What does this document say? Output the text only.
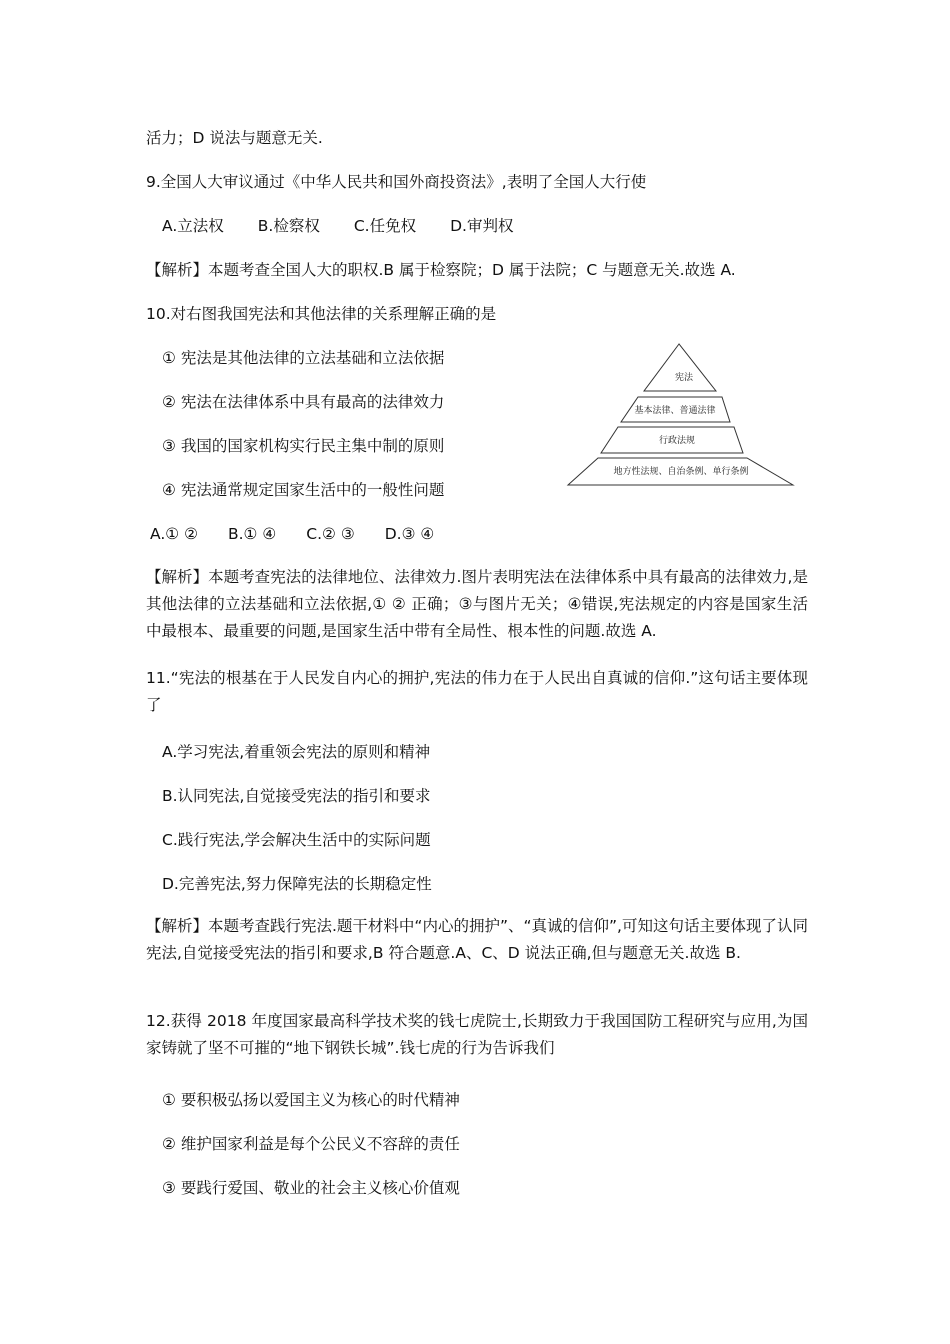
活力；D 说法与题意无关.
9.全国人大审议通过《中华人民共和国外商投资法》,表明了全国人大行使
A.立法权 B.检察权 C.任免权 D.审判权
【解析】本题考查全国人大的职权.B 属于检察院；D 属于法院；C 与题意无关.故选 A.
10.对右图我国宪法和其他法律的关系理解正确的是
① 宪法是其他法律的立法基础和立法依据
② 宪法在法律体系中具有最高的法律效力
③ 我国的国家机构实行民主集中制的原则
④ 宪法通常规定国家生活中的一般性问题
宪法
基本法律、普通法律
行政法规
地方性法规、自治条例、单行条例
A.① ② B.① ④ C.② ③ D.③ ④
【解析】本题考查宪法的法律地位、法律效力.图片表明宪法在法律体系中具有最高的法律效力,是其他法律的立法基础和立法依据,① ② 正确；③与图片无关；④错误,宪法规定的内容是国家生活中最根本、最重要的问题,是国家生活中带有全局性、根本性的问题.故选 A.
11.“宪法的根基在于人民发自内心的拥护,宪法的伟力在于人民出自真诚的信仰.”这句话主要体现了
A.学习宪法,着重领会宪法的原则和精神
B.认同宪法,自觉接受宪法的指引和要求
C.践行宪法,学会解决生活中的实际问题
D.完善宪法,努力保障宪法的长期稳定性
【解析】本题考查践行宪法.题干材料中“内心的拥护”、“真诚的信仰”,可知这句话主要体现了认同宪法,自觉接受宪法的指引和要求,B 符合题意.A、C、D 说法正确,但与题意无关.故选 B.
12.获得 2018 年度国家最高科学技术奖的钱七虎院士,长期致力于我国国防工程研究与应用,为国家铸就了坚不可摧的“地下钢铁长城”.钱七虎的行为告诉我们
① 要积极弘扬以爱国主义为核心的时代精神
② 维护国家利益是每个公民义不容辞的责任
③ 要践行爱国、敬业的社会主义核心价值观
